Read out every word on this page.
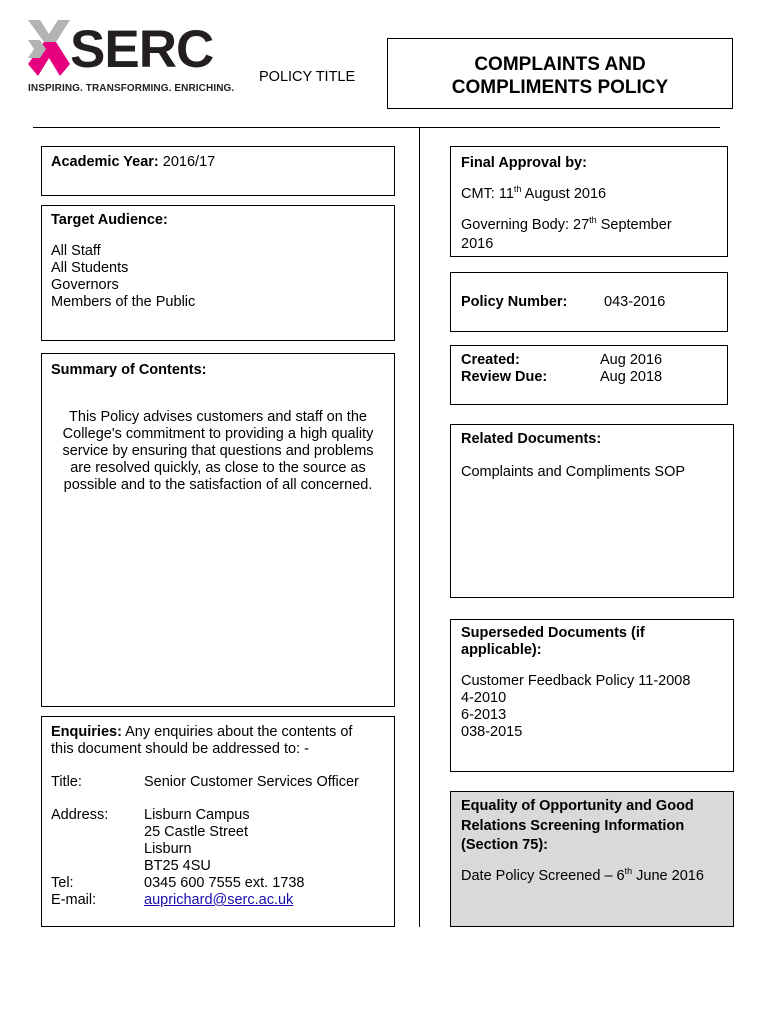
SERC
INSPIRING. TRANSFORMING. ENRICHING.
POLICY TITLE
COMPLAINTS AND
COMPLIMENTS POLICY
Academic Year: 2016/17

Target Audience:

All Staff

All Students

Governors

Members of the Public

Summary of Contents:

This Policy advises customers and staff on the

College's commitment to providing a high quality

service by ensuring that questions and problems

are resolved quickly, as close to the source as

possible and to the satisfaction of all concerned.

Enquiries: Any enquiries about the contents of

this document should be addressed to: -

Title:	Senior Customer Services Officer
Address:	Lisburn Campus

25 Castle Street

Lisburn

BT25 4SU

Tel:	0345 600 7555 ext. 1738
E-mail:	auprichard@serc.ac.uk

Final Approval by:

CMT: 11th August 2016

Governing Body: 27th September

2016

Policy Number:	043-2016
Created:	Aug 2016
Review Due:	Aug 2018

Related Documents:

Complaints and Compliments SOP

Superseded Documents (if

applicable):

Customer Feedback Policy 11-2008

4-2010

6-2013

038-2015

Equality of Opportunity and Good

Relations Screening Information

(Section 75):

Date Policy Screened – 6th June 2016
